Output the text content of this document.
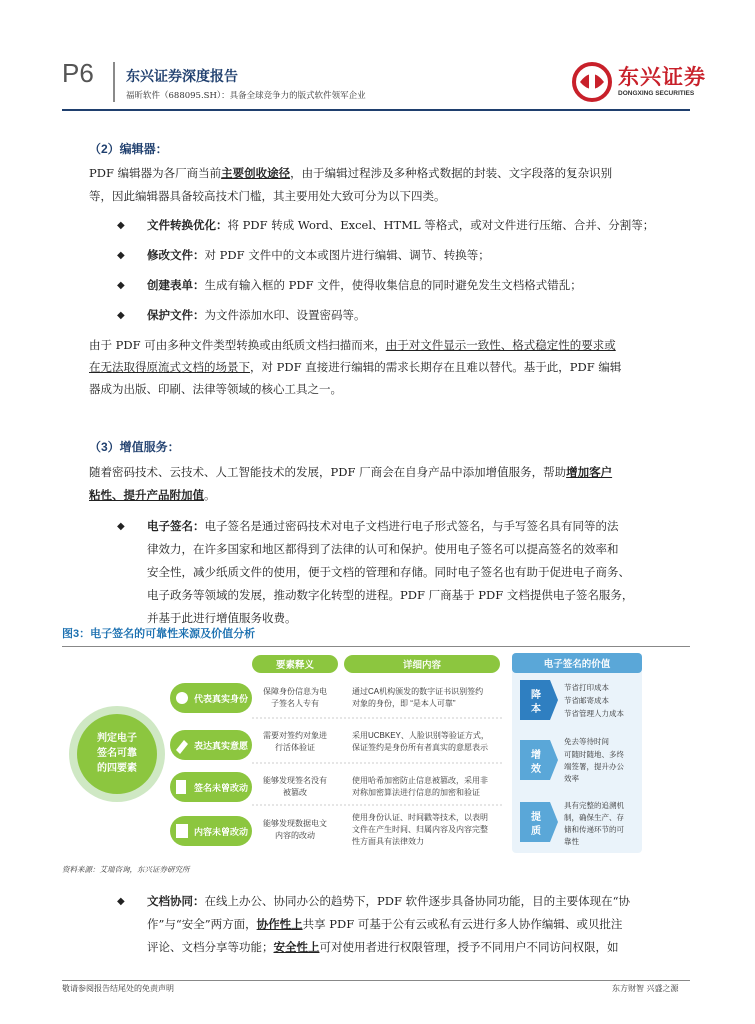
P6 东兴证券深度报告
福昕软件（688095.SH）：具备全球竞争力的版式软件领军企业
东兴证券
DONGXING SECURITIES
（2）编辑器：
PDF 编辑器为各厂商当前主要创收途径，由于编辑过程涉及多种格式数据的封装、文字段落的复杂识别
等，因此编辑器具备较高技术门槛，其主要用处大致可分为以下四类。
◆ 文件转换优化：将 PDF 转成 Word、Excel、HTML 等格式，或对文件进行压缩、合并、分割等；
◆ 修改文件：对 PDF 文件中的文本或图片进行编辑、调节、转换等；
◆ 创建表单：生成有输入框的 PDF 文件，使得收集信息的同时避免发生文档格式错乱；
◆ 保护文件：为文件添加水印、设置密码等。
由于 PDF 可由多种文件类型转换或由纸质文档扫描而来，由于对文件显示一致性、格式稳定性的要求或
在无法取得原流式文档的场景下，对 PDF 直接进行编辑的需求长期存在且难以替代。基于此，PDF 编辑
器成为出版、印刷、法律等领域的核心工具之一。
（3）增值服务：
随着密码技术、云技术、人工智能技术的发展，PDF 厂商会在自身产品中添加增值服务，帮助增加客户
粘性、提升产品附加值。
◆ 电子签名：电子签名是通过密码技术对电子文档进行电子形式签名，与手写签名具有同等的法
律效力，在许多国家和地区都得到了法律的认可和保护。使用电子签名可以提高签名的效率和
安全性，减少纸质文件的使用，便于文档的管理和存储。同时电子签名也有助于促进电子商务、
电子政务等领域的发展，推动数字化转型的进程。PDF 厂商基于 PDF 文档提供电子签名服务，
并基于此进行增值服务收费。
图3：电子签名的可靠性来源及价值分析
判定电子
签名可靠
的四要素
要素释义	详细内容	电子签名的价值
代表真实身份
保障身份信息为电
子签名人专有
通过CA机构颁发的数字证书识别签约
对象的身份，即 “是本人可靠”
表达真实意愿
需要对签约对象进
行活体验证
采用UCBKEY、人脸识别等验证方式，
保证签约是身份所有者真实的意愿表示
签名未曾改动
能够发现签名没有
被篡改
使用哈希加密防止信息被篡改，采用非
对称加密算法进行信息的加密和验证
内容未曾改动
能够发现数据电文
内容的改动
使用身份认证、时间戳等技术，以表明
文件在产生时间、归属内容及内容完整
性方面具有法律效力
降
本
节省打印成本
节省邮寄成本
节省管理人力成本
增
效
免去等待时间
可随时随地、多终
端签署，提升办公
效率
提
质
具有完整的追溯机
制，确保生产、存
储和传递环节的可
靠性
资料来源：艾瑞咨询，东兴证券研究所
◆ 文档协同：在线上办公、协同办公的趋势下，PDF 软件逐步具备协同功能，目的主要体现在“协
作”与“安全”两方面，协作性上共享 PDF 可基于公有云或私有云进行多人协作编辑、或贝批注
评论、文档分享等功能；安全性上可对使用者进行权限管理，授予不同用户不同访问权限，如
敬请参阅报告结尾处的免责声明	东方财智 兴盛之源
